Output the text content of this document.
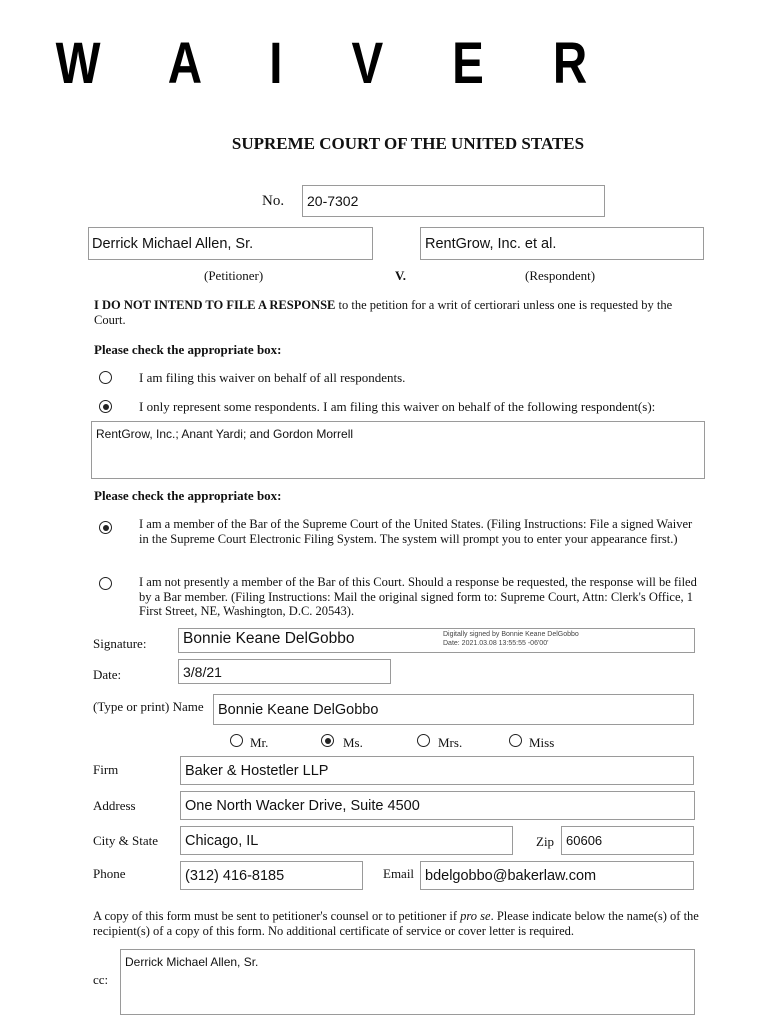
W A I V E R
SUPREME COURT OF THE UNITED STATES
No.	20-7302
Derrick Michael Allen, Sr.	RentGrow, Inc. et al.
(Petitioner)	V.	(Respondent)
I DO NOT INTEND TO FILE A RESPONSE to the petition for a writ of certiorari unless one is requested by the Court.
Please check the appropriate box:
I am filing this waiver on behalf of all respondents.
I only represent some respondents. I am filing this waiver on behalf of the following respondent(s):
RentGrow, Inc.; Anant Yardi; and Gordon Morrell
Please check the appropriate box:
I am a member of the Bar of the Supreme Court of the United States. (Filing Instructions: File a signed Waiver in the Supreme Court Electronic Filing System. The system will prompt you to enter your appearance first.)
I am not presently a member of the Bar of this Court. Should a response be requested, the response will be filed by a Bar member. (Filing Instructions: Mail the original signed form to: Supreme Court, Attn: Clerk's Office, 1 First Street, NE, Washington, D.C. 20543).
Signature: Bonnie Keane DelGobbo	Digitally signed by Bonnie Keane DelGobbo
Date: 2021.03.08 13:55:55 -06'00'
Date:	3/8/21
(Type or print) Name Bonnie Keane DelGobbo
Mr.	Ms.	Mrs.	Miss
Firm	Baker & Hostetler LLP
Address	One North Wacker Drive, Suite 4500
City & State	Chicago, IL	Zip 60606
Phone	(312) 416-8185	Email bdelgobbo@bakerlaw.com
A copy of this form must be sent to petitioner's counsel or to petitioner if pro se. Please indicate below the name(s) of the recipient(s) of a copy of this form. No additional certificate of service or cover letter is required.
cc:
Derrick Michael Allen, Sr.
